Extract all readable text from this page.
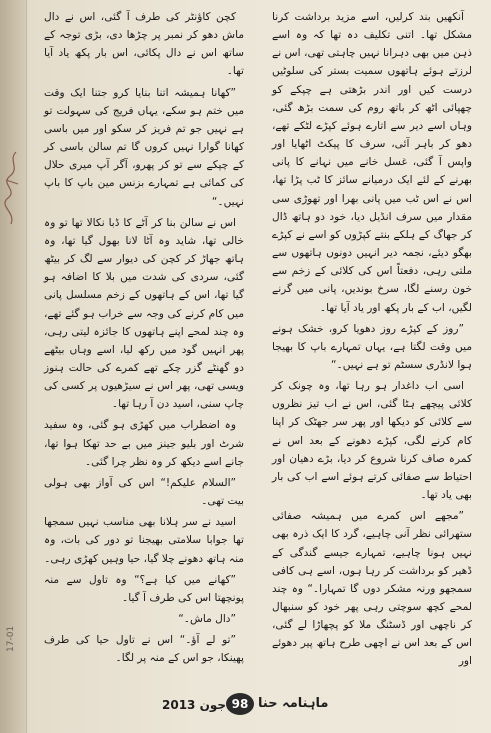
17-01

آنکھیں بند کرلیں، اسے مزید برداشت کرنا مشکل تھا۔ اتنی تکلیف دہ تھا کہ وہ اسے ذہن میں بھی دہرانا نہیں چاہتی تھی، اس نے لرزتے ہوئے ہاتھوں سمیت بستر کی سلوٹیں درست کیں اور اندر بڑھتی ہے چپکے کو چھپائی اٹھ کر باتھ روم کی سمت بڑھ گئی، وہاں اسے دیر سے اتارے ہوئے کپڑے لٹکے تھے، دھو کر باہر آئی، سرف کا پیکٹ اٹھایا اور واپس آ گئی، غسل خانے میں نہانے کا پانی بھرنے کے لئے ایک درمیانے سائز کا ٹب پڑا تھا، اس نے اس ٹب میں پانی بھرا اور تھوڑی سی مقدار میں سرف انڈیل دیا، خود دو ہاتھ ڈال کر جھاگ کے ہلکے بنتے کپڑوں کو اسے نے کپڑے بھگو دیئے، نجمہ دیر انہیں دونوں ہاتھوں سے ملتی رہی، دفعتاً اس کی کلائی کے زخم سے خون رسنے لگا، سرخ بوندیں، پانی میں گرنے لگیں، اب کے بار پکھ اور یاد آیا تھا۔

”روز کے کپڑے روز دھویا کرو، خشک ہونے میں وقت لگتا ہے، یہاں تمہارے باپ کا بھیجا ہوا لانڈری سسٹم تو ہے نہیں۔“

اسی اب داغدار ہو رہا تھا، وہ چونک کر کلائی پیچھے ہٹا گئی، اس نے اب تیز نظروں سے کلائی کو دیکھا اور پھر سر جھٹک کر اپنا کام کرنے لگی، کپڑے دھونے کے بعد اس نے کمرہ صاف کرنا شروع کر دیا، بڑے دھیان اور احتیاط سے صفائی کرتے ہوئے اسے اب کی بار بھی یاد تھا۔

”مجھے اس کمرے میں ہمیشہ صفائی ستھرائی نظر آنی چاہیے، گرد کا ایک ذرہ بھی نہیں ہونا چاہیے، تمہارے جیسے گندگی کے ڈھیر کو برداشت کر رہا ہوں، اسے ہی کافی سمجھو ورنہ مشکر دوں گا تمہارا۔“ وہ چند لمحے کچھ سوچتی رہی پھر خود کو سنبھال کر ناچھی اور ڈسٹنگ ملا کو پچھاڑا لے گئی، اس کے بعد اس نے اچھی طرح ہاتھ پیر دھوئے اور

کچن کاؤنٹر کی طرف آ گئی، اس نے دال ماش دھو کر نمبر پر چڑھا دی، بڑی توجہ کے ساتھ اس نے دال پکائی، اس بار پکھ یاد آیا تھا۔

”کھانا ہمیشہ اتنا بنایا کرو جتنا ایک وقت میں ختم ہو سکے، یہاں فریج کی سہولت تو ہے نہیں جو تم فریز کر سکو اور میں باسی کھانا گوارا نہیں کروں گا تم سالن باسی کر کے چپکے سے تو کر پھرو، آگر آپ میری حلال کی کمائی ہے تمہارے بزنس مین باپ کا باپ نہیں۔“

اس نے سالن بنا کر آٹے کا ڈبا نکالا تھا تو وہ خالی تھا، شاید وہ آٹا لانا بھول گیا تھا، وہ ہاتھ جھاڑ کر کچن کی دیوار سے لگ کر بیٹھ گئی، سردی کی شدت میں بلا کا اضافہ ہو گیا تھا، اس کے ہاتھوں کے زخم مسلسل پانی میں کام کرنے کی وجہ سے خراب ہو گئے تھے، وہ چند لمحے اپنے ہاتھوں کا جائزہ لیتی رہی، پھر انہیں گود میں رکھ لیا، اسے وہاں بیٹھے دو گھنٹے گزر چکے تھے کمرے کی حالت ہنوز ویسی تھی، پھر اس نے سیڑھیوں پر کسی کی چاپ سنی، اسید دن آ رہا تھا۔

وہ اضطراب میں کھڑی ہو گئی، وہ سفید شرٹ اور بلیو جینز میں بے حد تھکا ہوا تھا، جانے اسے دیکھ کر وہ نظر چرا گئی۔

”السلام علیکم!“ اس کی آواز بھی ہولی بیت تھی۔

اسید نے سر ہلانا بھی مناسب نہیں سمجھا تھا جوابا سلامتی بھیجنا تو دور کی بات، وہ منہ ہاتھ دھونے چلا گیا، حیا وہیں کھڑی رہی۔

”کھانے میں کیا ہے؟“ وہ تاول سے منہ پونچھتا اس کی طرف آ گیا۔

”دال ماش۔“

”تو لے آؤ۔“ اس نے تاول حیا کی طرف پھینکا، جو اس کے منہ پر لگا۔

جون 2013 98 ماہنامہ حنا
